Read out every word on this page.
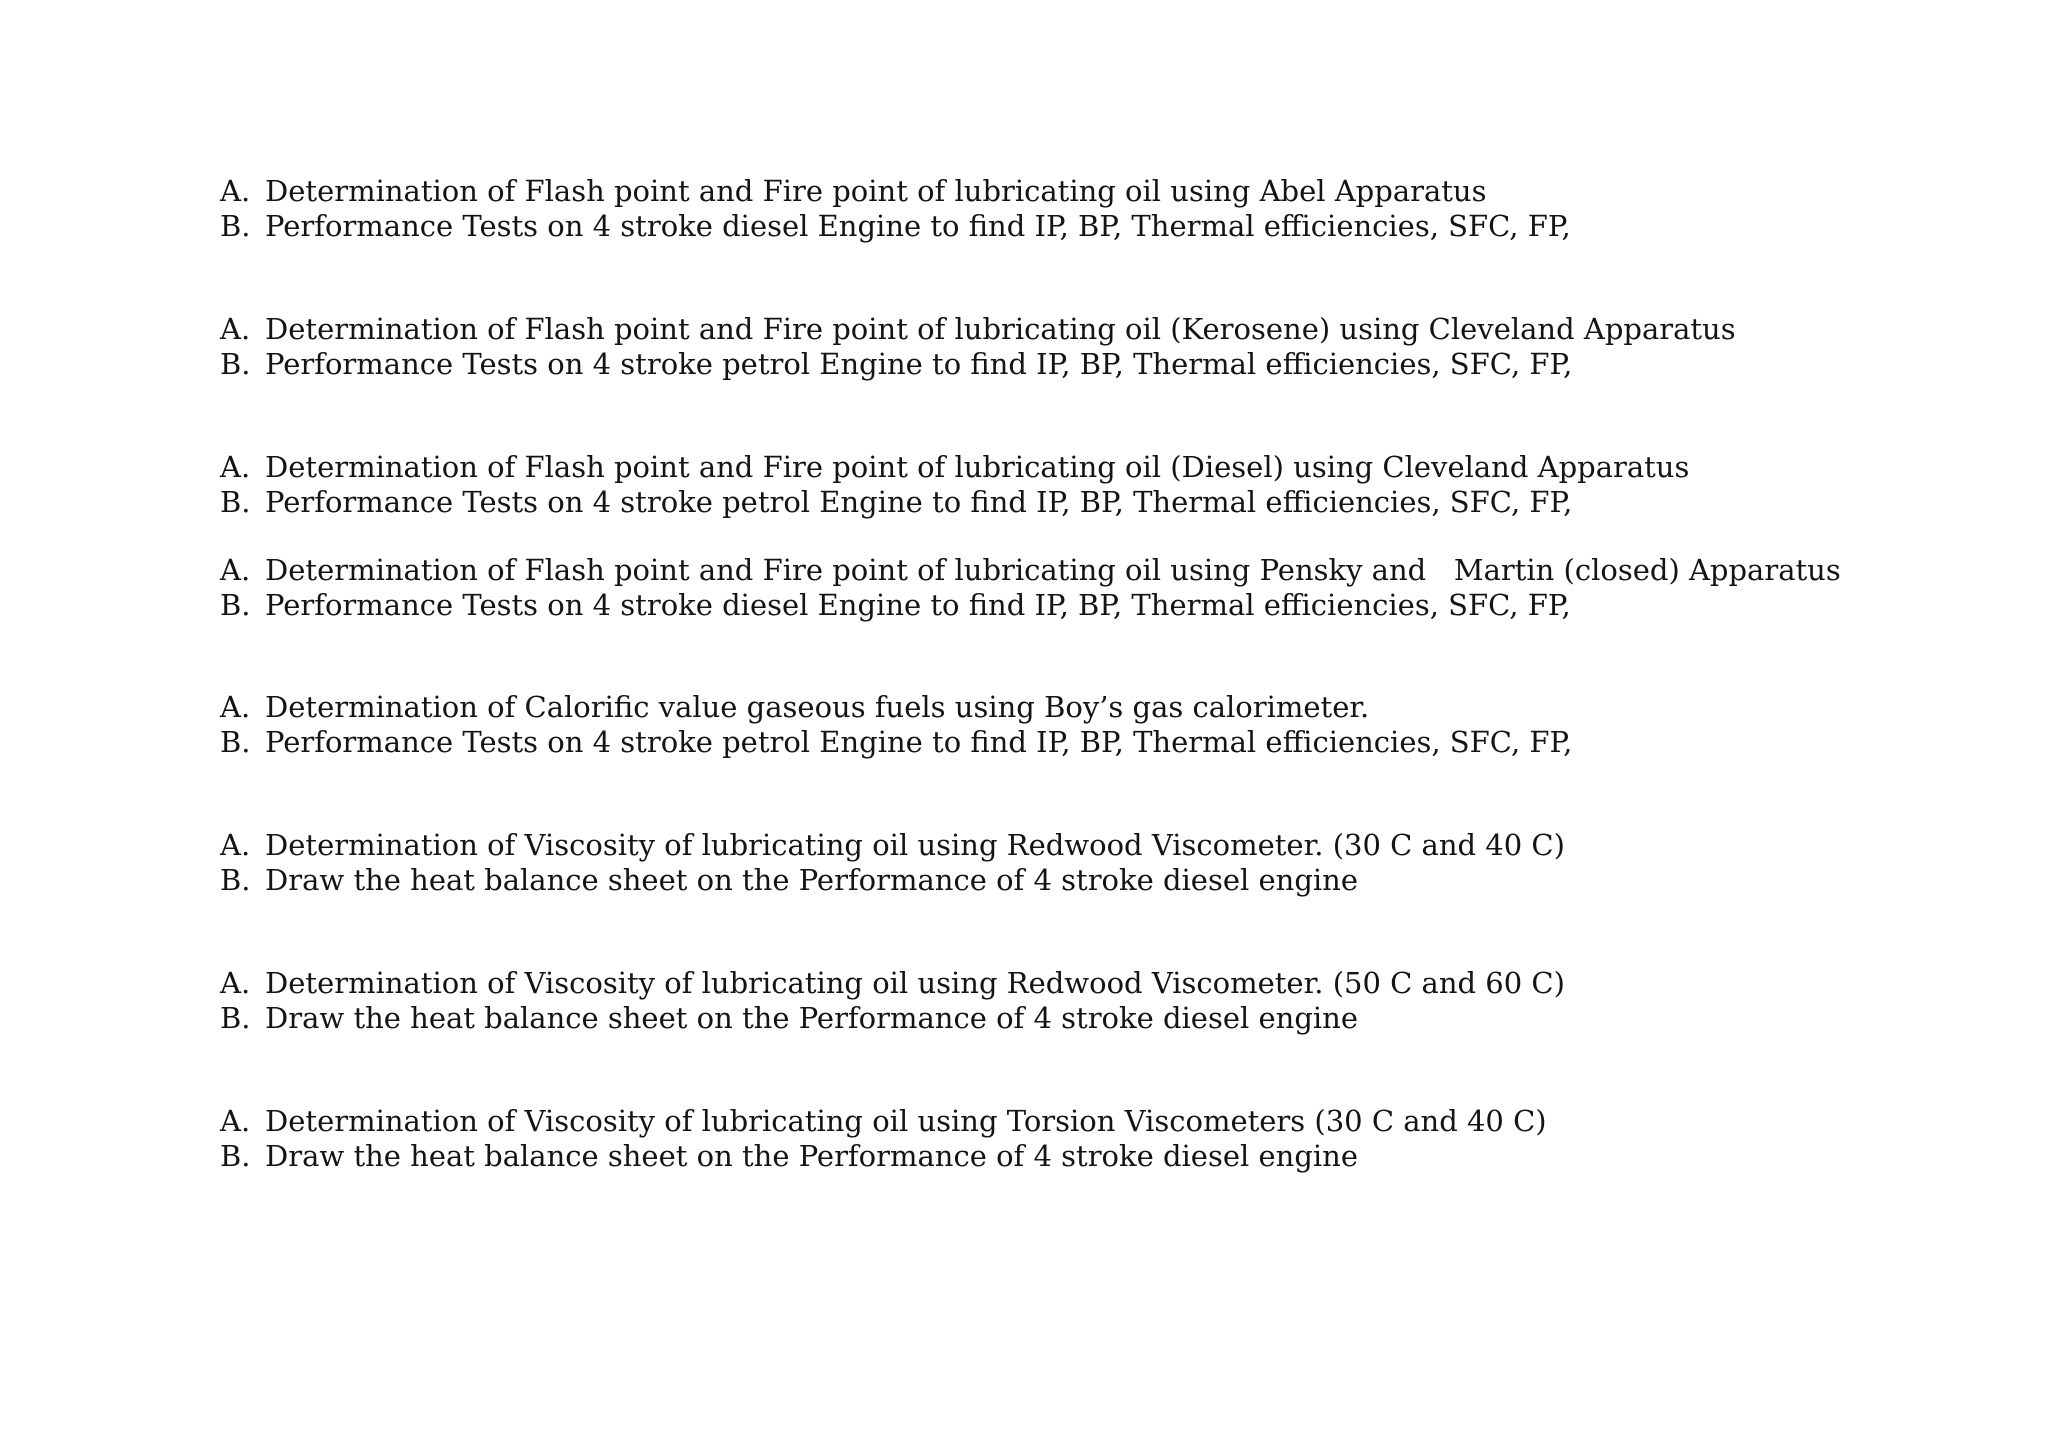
A. Determination of Flash point and Fire point of lubricating oil using Abel Apparatus
B. Performance Tests on 4 stroke diesel Engine to find IP, BP, Thermal efficiencies, SFC, FP,
A. Determination of Flash point and Fire point of lubricating oil (Kerosene) using Cleveland Apparatus
B. Performance Tests on 4 stroke petrol Engine to find IP, BP, Thermal efficiencies, SFC, FP,
A. Determination of Flash point and Fire point of lubricating oil (Diesel) using Cleveland Apparatus
B. Performance Tests on 4 stroke petrol Engine to find IP, BP, Thermal efficiencies, SFC, FP,
A. Determination of Flash point and Fire point of lubricating oil using Pensky and   Martin (closed) Apparatus
B. Performance Tests on 4 stroke diesel Engine to find IP, BP, Thermal efficiencies, SFC, FP,
A. Determination of Calorific value gaseous fuels using Boy’s gas calorimeter.
B. Performance Tests on 4 stroke petrol Engine to find IP, BP, Thermal efficiencies, SFC, FP,
A. Determination of Viscosity of lubricating oil using Redwood Viscometer. (30 C and 40 C)
B. Draw the heat balance sheet on the Performance of 4 stroke diesel engine
A. Determination of Viscosity of lubricating oil using Redwood Viscometer. (50 C and 60 C)
B. Draw the heat balance sheet on the Performance of 4 stroke diesel engine
A. Determination of Viscosity of lubricating oil using Torsion Viscometers (30 C and 40 C)
B. Draw the heat balance sheet on the Performance of 4 stroke diesel engine
